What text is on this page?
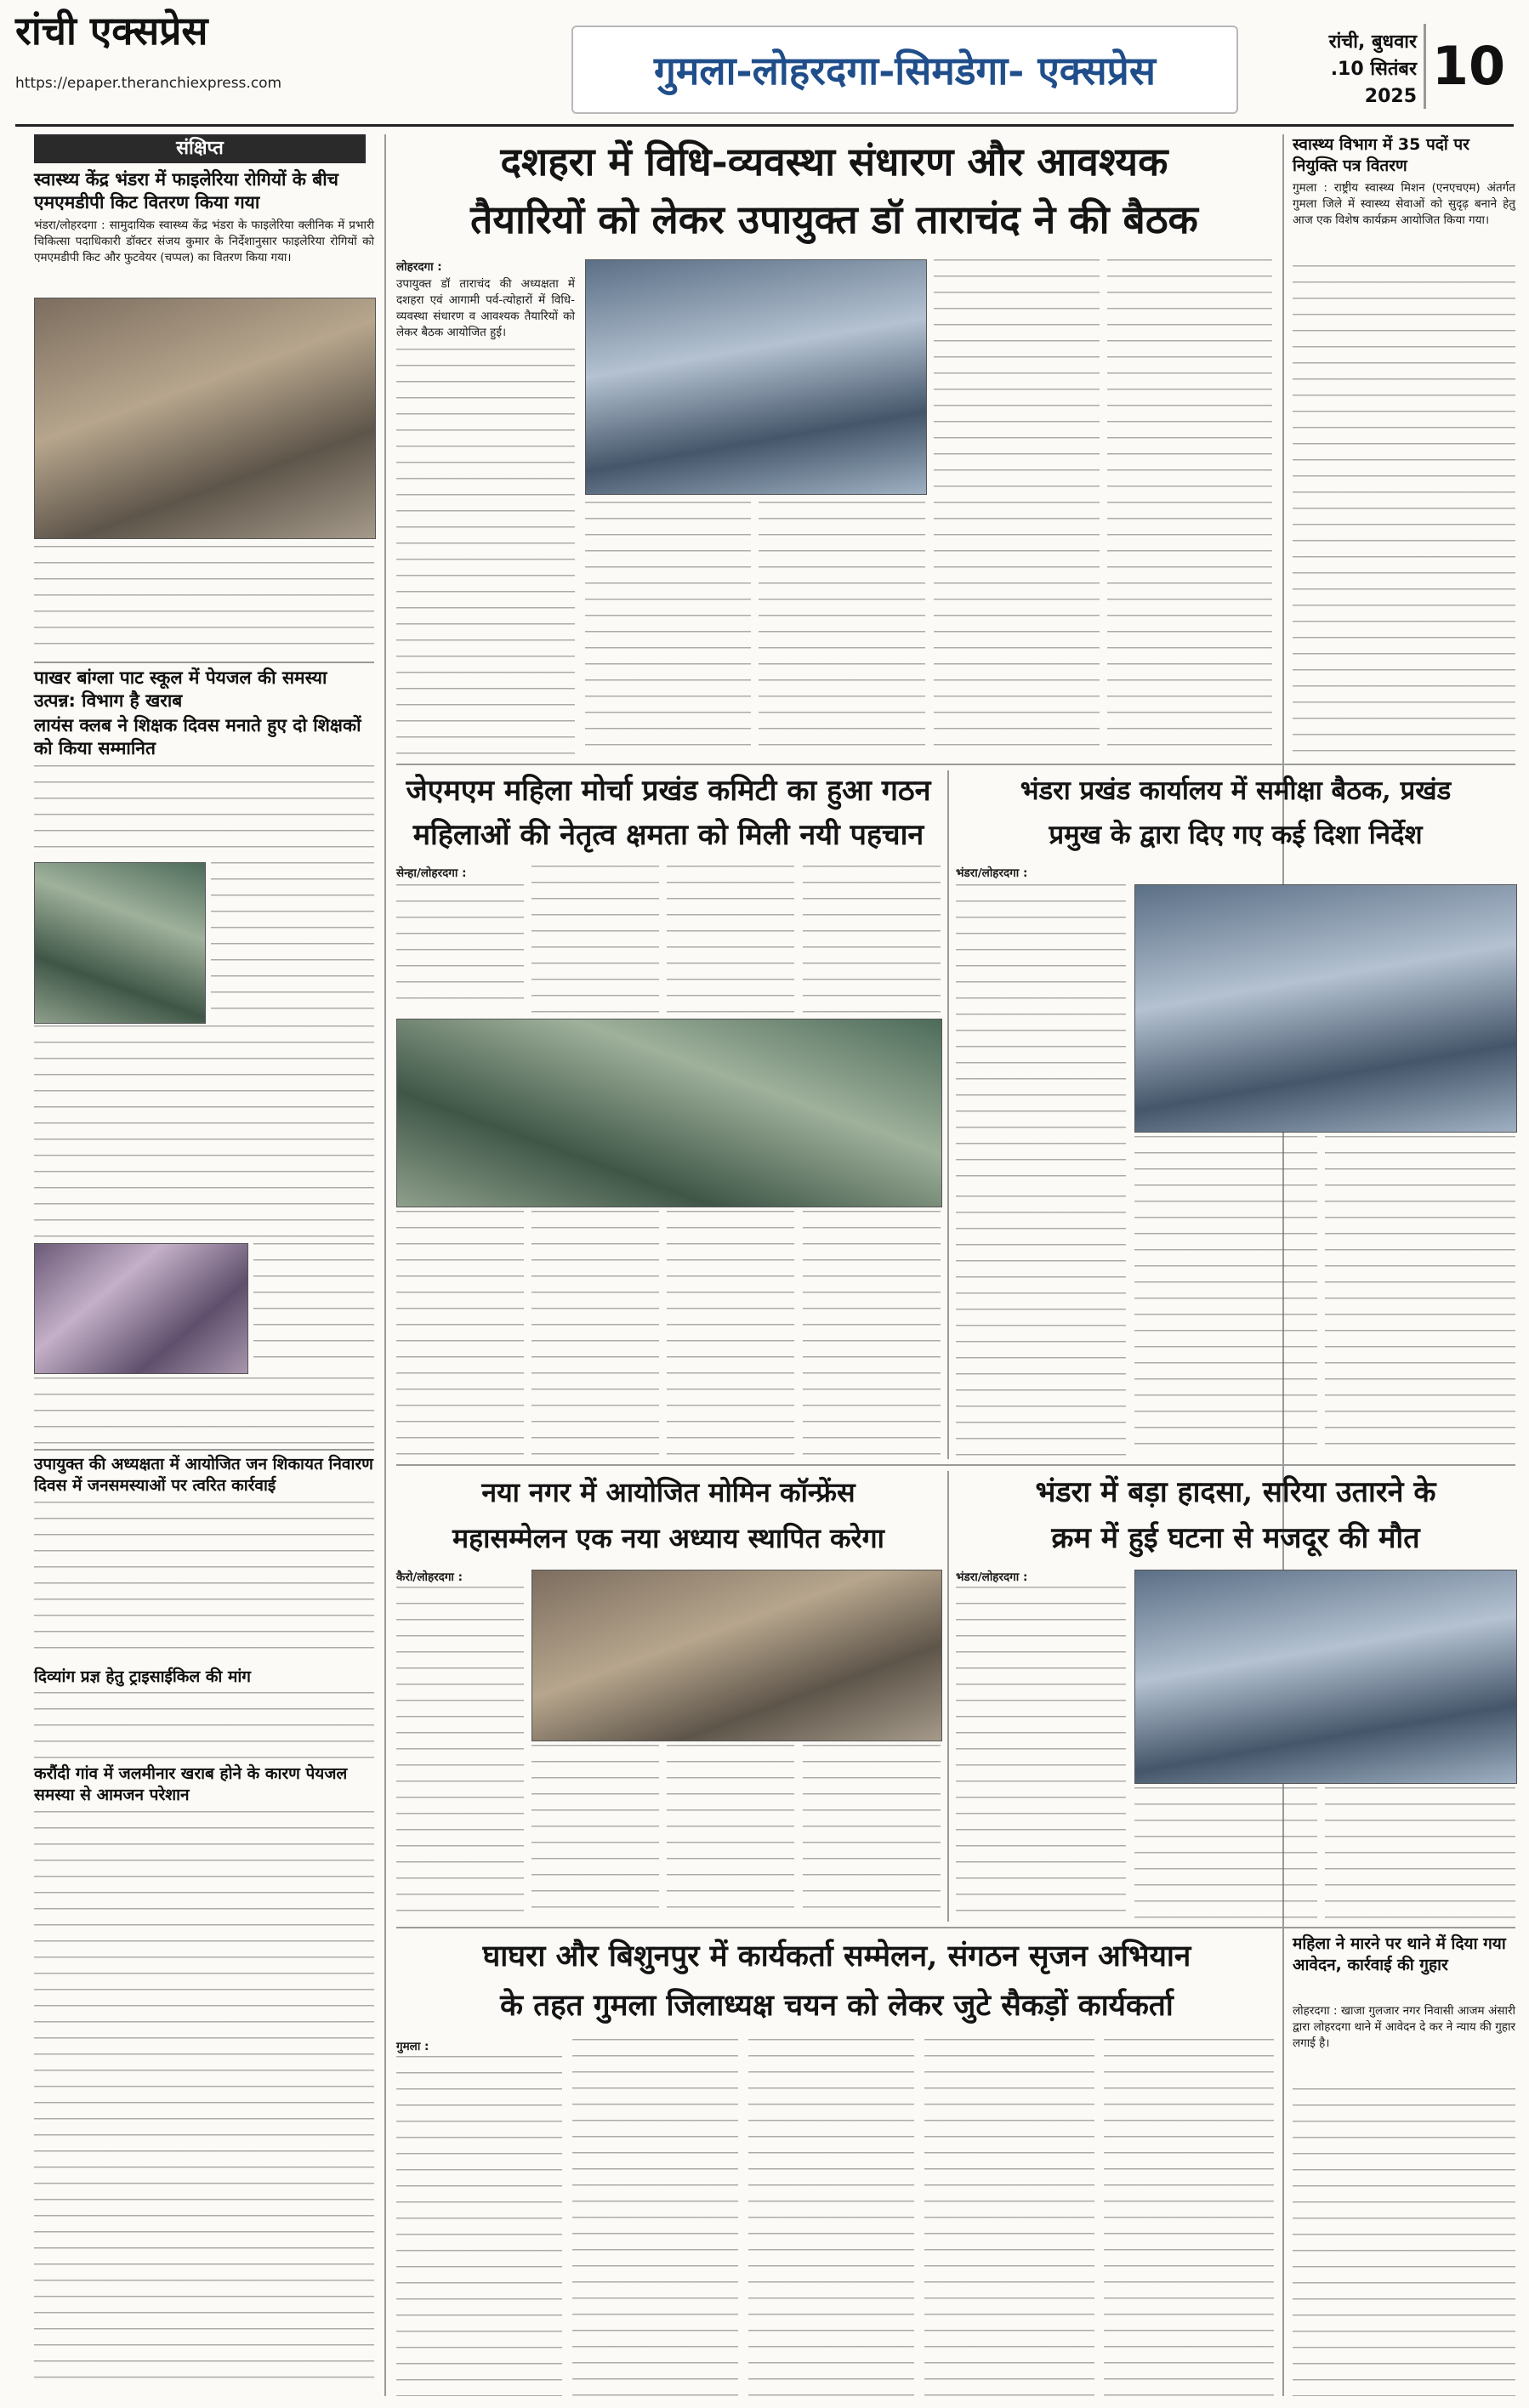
रांची एक्सप्रेस
https://epaper.theranchiexpress.com	गुमला-लोहरदगा-सिमडेगा- एक्सप्रेस
रांची, बुधवार
.10 सितंबर 2025 10
संक्षिप्त
स्वास्थ्य केंद्र भंडरा में फाइलेरिया रोगियों के बीच एमएमडीपी किट वितरण किया गया
भंडरा/लोहरदगा : सामुदायिक स्वास्थ्य केंद्र भंडरा के फाइलेरिया क्लीनिक में प्रभारी चिकित्सा पदाधिकारी डॉक्टर संजय कुमार के निर्देशानुसार फाइलेरिया रोगियों को एमएमडीपी किट और फुटवेयर (चप्पल) का वितरण किया गया।
पाखर बांग्ला पाट स्कूल में पेयजल की समस्या उत्पन्न: विभाग है खराब
लायंस क्लब ने शिक्षक दिवस मनाते हुए दो शिक्षकों को किया सम्मानित
उपायुक्त की अध्यक्षता में आयोजित जन शिकायत निवारण दिवस में जनसमस्याओं पर त्वरित कार्रवाई
दिव्यांग प्रज्ञ हेतु ट्राइसाईकिल की मांग
करौंदी गांव में जलमीनार खराब होने के कारण पेयजल समस्या से आमजन परेशान
दशहरा में विधि-व्यवस्था संधारण और आवश्यक
तैयारियों को लेकर उपायुक्त डॉ ताराचंद ने की बैठक
लोहरदगा :
उपायुक्त डॉ ताराचंद की अध्यक्षता में दशहरा एवं आगामी पर्व-त्योहारों में विधि-व्यवस्था संधारण व आवश्यक तैयारियों को लेकर बैठक आयोजित हुई।
स्वास्थ्य विभाग में 35 पदों पर नियुक्ति पत्र वितरण
गुमला : राष्ट्रीय स्वास्थ्य मिशन (एनएचएम) अंतर्गत गुमला जिले में स्वास्थ्य सेवाओं को सुदृढ़ बनाने हेतु आज एक विशेष कार्यक्रम आयोजित किया गया।
जेएमएम महिला मोर्चा प्रखंड कमिटी का हुआ गठन
महिलाओं की नेतृत्व क्षमता को मिली नयी पहचान
सेन्हा/लोहरदगा :
भंडरा प्रखंड कार्यालय में समीक्षा बैठक, प्रखंड
प्रमुख के द्वारा दिए गए कई दिशा निर्देश
भंडरा/लोहरदगा :
नया नगर में आयोजित मोमिन कॉन्फ्रेंस
महासम्मेलन एक नया अध्याय स्थापित करेगा
कैरो/लोहरदगा :
भंडरा में बड़ा हादसा, सरिया उतारने के
क्रम में हुई घटना से मजदूर की मौत
भंडरा/लोहरदगा :
घाघरा और बिशुनपुर में कार्यकर्ता सम्मेलन, संगठन सृजन अभियान
के तहत गुमला जिलाध्यक्ष चयन को लेकर जुटे सैकड़ों कार्यकर्ता
गुमला :
महिला ने मारने पर थाने में दिया गया आवेदन, कार्रवाई की गुहार
लोहरदगा : खाजा गुलजार नगर निवासी आजम अंसारी द्वारा लोहरदगा थाने में आवेदन दे कर ने न्याय की गुहार लगाई है।
